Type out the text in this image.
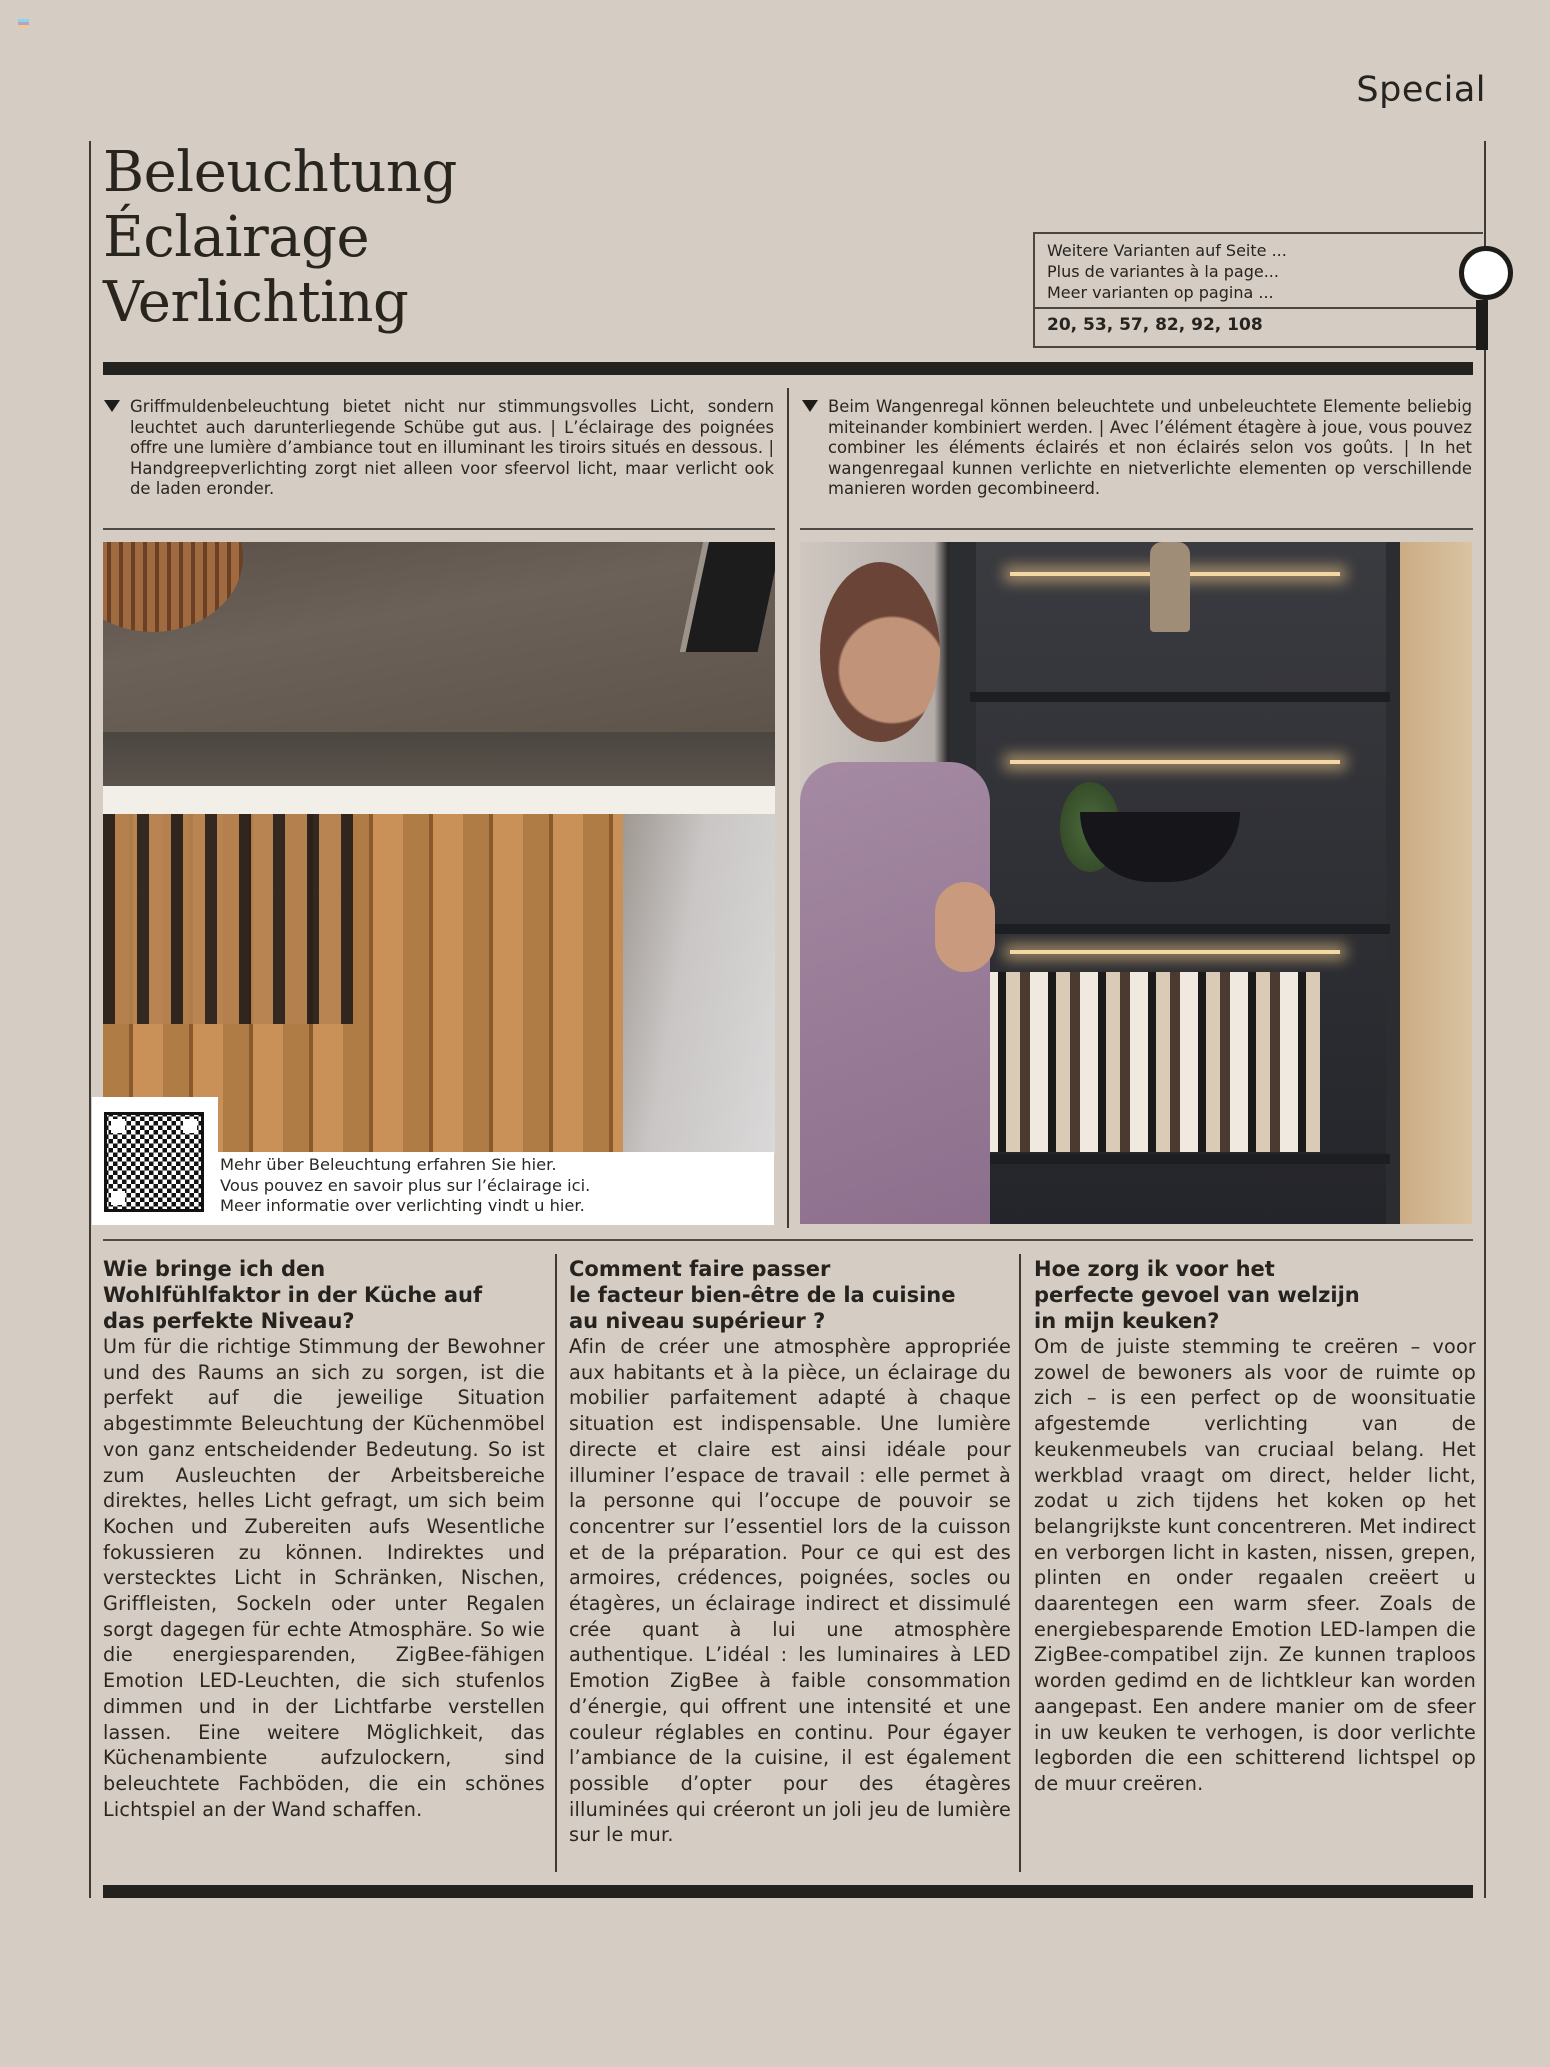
Special
Beleuchtung
Éclairage
Verlichting
Weitere Varianten auf Seite ...
Plus de variantes à la page...
Meer varianten op pagina ...
20, 53, 57, 82, 92, 108

Griffmuldenbeleuchtung bietet nicht nur stimmungsvolles Licht, sondern leuchtet auch darunterliegende Schübe gut aus. | L’éclairage des poignées offre une lumière d’ambiance tout en illuminant les tiroirs situés en dessous. | Handgreepverlichting zorgt niet alleen voor sfeervol licht, maar verlicht ook de laden eronder.

Beim Wangenregal können beleuchtete und unbeleuchtete Elemente beliebig miteinander kombiniert werden. | Avec l’élément étagère à joue, vous pouvez combiner les éléments éclairés et non éclairés selon vos goûts. | In het wangenregaal kunnen verlichte en nietverlichte elementen op verschillende manieren worden gecombineerd.

Mehr über Beleuchtung erfahren Sie hier.
Vous pouvez en savoir plus sur l’éclairage ici.
Meer informatie over verlichting vindt u hier.
Wie bringe ich den
Wohlfühlfaktor in der Küche auf
das perfekte Niveau?

Um für die richtige Stimmung der Bewohner und des Raums an sich zu sorgen, ist die perfekt auf die jeweilige Situation abgestimmte Beleuchtung der Küchenmöbel von ganz entscheidender Bedeutung. So ist zum Ausleuchten der Arbeitsbereiche direktes, helles Licht gefragt, um sich beim Kochen und Zubereiten aufs Wesentliche fokussieren zu können. Indirektes und verstecktes Licht in Schränken, Nischen, Griffleisten, Sockeln oder unter Regalen sorgt dagegen für echte Atmosphäre. So wie die energiesparenden, ZigBee-fähigen Emotion LED-Leuchten, die sich stufenlos dimmen und in der Lichtfarbe verstellen lassen. Eine weitere Möglichkeit, das Küchenambiente aufzulockern, sind beleuchtete Fachböden, die ein schönes Lichtspiel an der Wand schaffen.

Comment faire passer
le facteur bien-être de la cuisine
au niveau supérieur ?

Afin de créer une atmosphère appropriée aux habitants et à la pièce, un éclairage du mobilier parfaitement adapté à chaque situation est indispensable. Une lumière directe et claire est ainsi idéale pour illuminer l’espace de travail : elle permet à la personne qui l’occupe de pouvoir se concentrer sur l’essentiel lors de la cuisson et de la préparation. Pour ce qui est des armoires, crédences, poignées, socles ou étagères, un éclairage indirect et dissimulé crée quant à lui une atmosphère authentique. L’idéal : les luminaires à LED Emotion ZigBee à faible consommation d’énergie, qui offrent une intensité et une couleur réglables en continu. Pour égayer l’ambiance de la cuisine, il est également possible d’opter pour des étagères illuminées qui créeront un joli jeu de lumière sur le mur.

Hoe zorg ik voor het
perfecte gevoel van welzijn
in mijn keuken?

Om de juiste stemming te creëren – voor zowel de bewoners als voor de ruimte op zich – is een perfect op de woonsituatie afgestemde verlichting van de keukenmeubels van cruciaal belang. Het werkblad vraagt om direct, helder licht, zodat u zich tijdens het koken op het belangrijkste kunt concentreren. Met indirect en verborgen licht in kasten, nissen, grepen, plinten en onder regaalen creëert u daarentegen een warm sfeer. Zoals de energiebesparende Emotion LED-lampen die ZigBee-compatibel zijn. Ze kunnen traploos worden gedimd en de lichtkleur kan worden aangepast. Een andere manier om de sfeer in uw keuken te verhogen, is door verlichte legborden die een schitterend lichtspel op de muur creëren.
